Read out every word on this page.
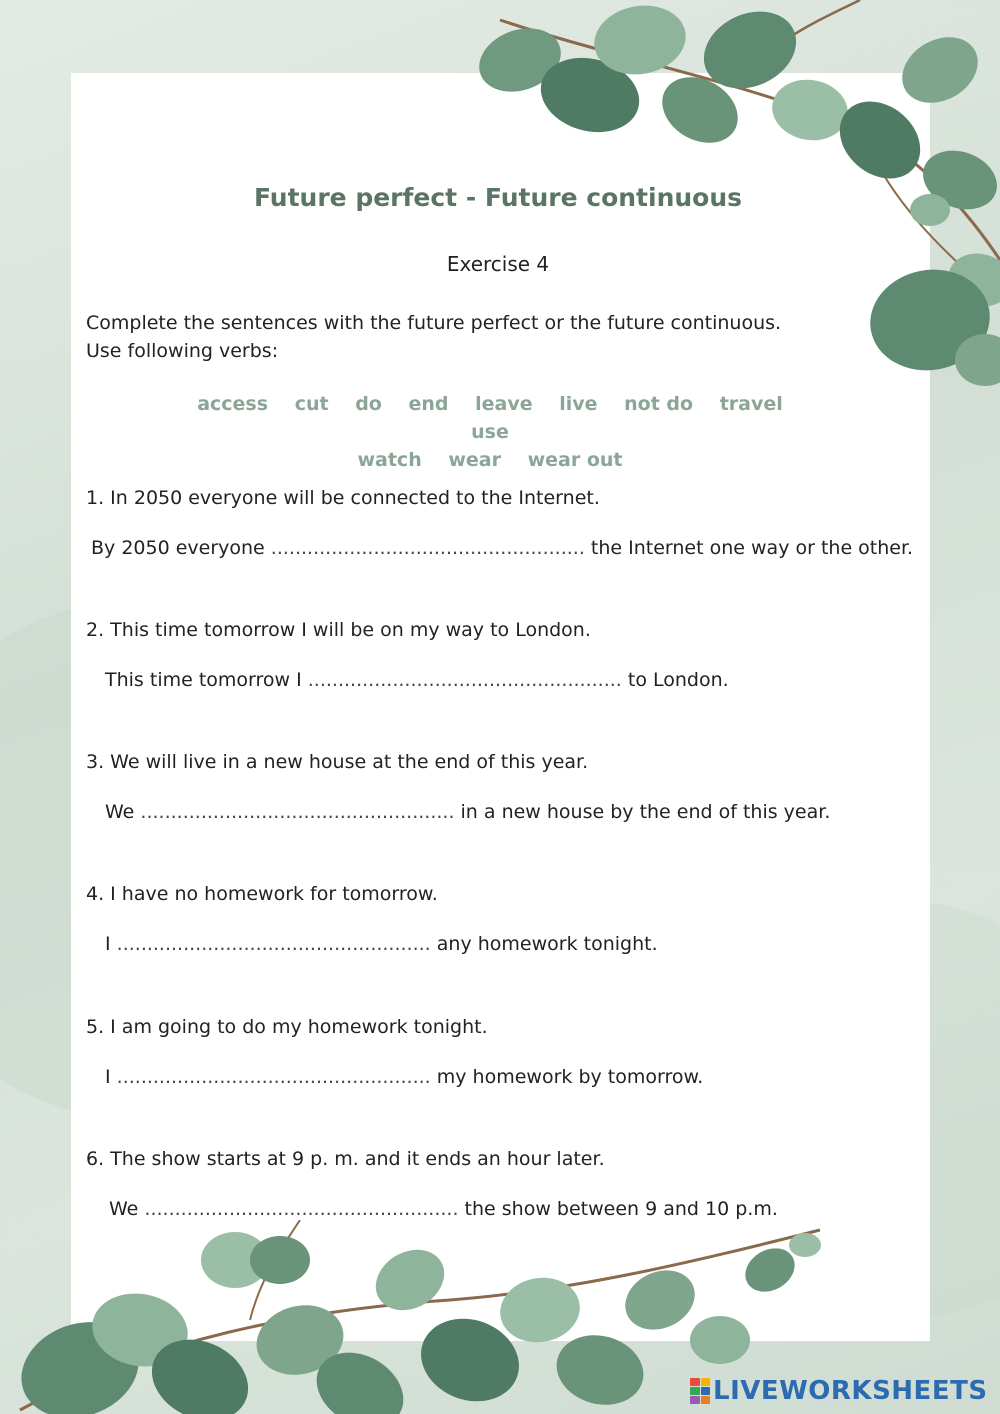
Future perfect - Future continuous

Exercise 4

Complete the sentences with the future perfect or the future continuous.
Use following verbs:
access cut do end leave live not do travel use
watch wear wear out
1. In 2050 everyone will be connected to the Internet.
By 2050 everyone .................................................... the Internet one way or the other.
2. This time tomorrow I will be on my way to London.
This time tomorrow I .................................................... to London.
3. We will live in a new house at the end of this year.
We .................................................... in a new house by the end of this year.
4. I have no homework for tomorrow.
I .................................................... any homework tonight.
5. I am going to do my homework tonight.
I .................................................... my homework by tomorrow.
6. The show starts at 9 p. m. and it ends an hour later.
We .................................................... the show between 9 and 10 p.m.
LIVEWORKSHEETS
